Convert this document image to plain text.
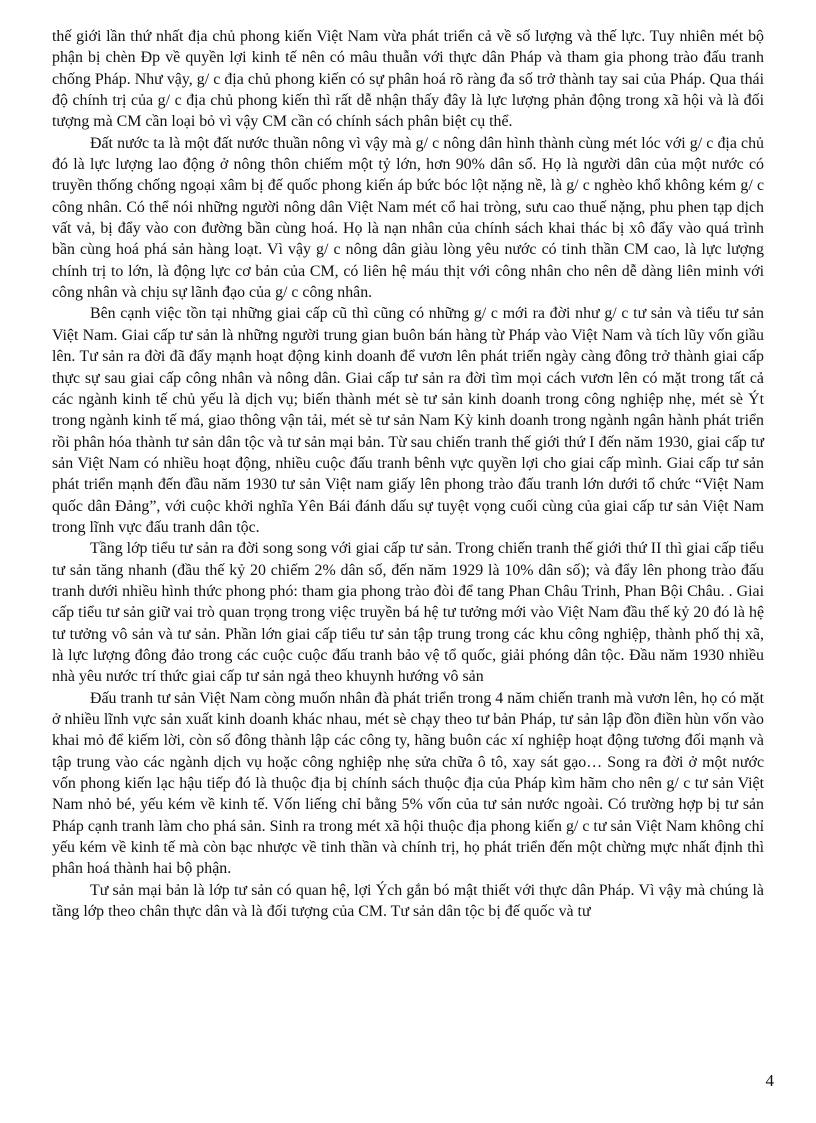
thế giới lần thứ nhất địa chủ phong kiến Việt Nam vừa phát triển cả về số lượng và thế lực. Tuy nhiên mét bộ phận bị chèn Đp về quyền lợi kinh tế nên có mâu thuẫn với thực dân Pháp và tham gia phong trào đấu tranh chống Pháp. Như vậy, g/ c địa chủ phong kiến có sự phân hoá rõ ràng đa số trở thành tay sai của Pháp. Qua thái độ chính trị của g/ c địa chủ phong kiến thì rất dễ nhận thấy đây là lực lượng phản động trong xã hội và là đối tượng mà CM cần loại bỏ vì vậy CM cần có chính sách phân biệt cụ thể.

Đất nước ta là một đất nước thuần nông vì vậy mà g/ c nông dân hình thành cùng mét lóc với g/ c địa chủ đó là lực lượng lao động ở nông thôn chiếm một tỷ lớn, hơn 90% dân số. Họ là người dân của một nước có truyền thống chống ngoại xâm bị đế quốc phong kiến áp bức bóc lột nặng nề, là g/ c nghèo khổ không kém g/ c công nhân. Có thể nói những người nông dân Việt Nam mét cổ hai tròng, sưu cao thuế nặng, phu phen tạp dịch vất vả, bị đẩy vào con đường bần cùng hoá. Họ là nạn nhân của chính sách khai thác bị xô đẩy vào quá trình bần cùng hoá phá sản hàng loạt. Vì vậy g/ c nông dân giàu lòng yêu nước có tinh thần CM cao, là lực lượng chính trị to lớn, là động lực cơ bản của CM, có liên hệ máu thịt với công nhân cho nên dễ dàng liên minh với công nhân và chịu sự lãnh đạo của g/ c công nhân.

Bên cạnh việc tồn tại những giai cấp cũ thì cũng có những g/ c mới ra đời như g/ c tư sản và tiểu tư sản Việt Nam. Giai cấp tư sản là những người trung gian buôn bán hàng từ Pháp vào Việt Nam và tích lũy vốn giầu lên. Tư sản ra đời đã đẩy mạnh hoạt động kinh doanh để vươn lên phát triển ngày càng đông trở thành giai cấp thực sự sau giai cấp công nhân và nông dân. Giai cấp tư sản ra đời tìm mọi cách vươn lên có mặt trong tất cả các ngành kinh tế chủ yếu là dịch vụ; biến thành mét sè tư sản kinh doanh trong công nghiệp nhẹ, mét sè Ýt trong ngành kinh tế má, giao thông vận tải, mét sè tư sản Nam Kỳ kinh doanh trong ngành ngân hành phát triển rồi phân hóa thành tư sản dân tộc và tư sản mại bản. Từ sau chiến tranh thế giới thứ I đến năm 1930, giai cấp tư sản Việt Nam có nhiều hoạt động, nhiều cuộc đấu tranh bênh vực quyền lợi cho giai cấp mình. Giai cấp tư sản phát triển mạnh đến đầu năm 1930 tư sản Việt nam giấy lên phong trào đấu tranh lớn dưới tổ chức “Việt Nam quốc dân Đảng”, với cuộc khởi nghĩa Yên Bái đánh dấu sự tuyệt vọng cuối cùng của giai cấp tư sản Việt Nam trong lĩnh vực đấu tranh dân tộc.

Tầng lớp tiểu tư sản ra đời song song với giai cấp tư sản. Trong chiến tranh thế giới thứ II thì giai cấp tiểu tư sản tăng nhanh (đầu thế kỷ 20 chiếm 2% dân số, đến năm 1929 là 10% dân số); và đẩy lên phong trào đấu tranh dưới nhiều hình thức phong phó: tham gia phong trào đòi để tang Phan Châu Trinh, Phan Bội Châu. . Giai cấp tiểu tư sản giữ vai trò quan trọng trong việc truyền bá hệ tư tưởng mới vào Việt Nam đầu thế kỷ 20 đó là hệ tư tưởng vô sản và tư sản. Phần lớn giai cấp tiểu tư sản tập trung trong các khu công nghiệp, thành phố thị xã, là lực lượng đông đảo trong các cuộc cuộc đấu tranh bảo vệ tổ quốc, giải phóng dân tộc. Đầu năm 1930 nhiều nhà yêu nước trí thức giai cấp tư sản ngả theo khuynh hướng vô sản

Đấu tranh tư sản Việt Nam còng muốn nhân đà phát triển trong 4 năm chiến tranh mà vươn lên, họ có mặt ở nhiều lĩnh vực sản xuất kinh doanh khác nhau, mét sè chạy theo tư bản Pháp, tư sản lập đồn điền hùn vốn vào khai mỏ để kiếm lời, còn số đông thành lập các công ty, hãng buôn các xí nghiệp hoạt động tương đối mạnh và tập trung vào các ngành dịch vụ hoặc công nghiệp nhẹ sửa chữa ô tô, xay sát gạo… Song ra đời ở một nước vốn phong kiến lạc hậu tiếp đó là thuộc địa bị chính sách thuộc địa của Pháp kìm hãm cho nên g/ c tư sản Việt Nam nhỏ bé, yếu kém về kinh tế. Vốn liếng chỉ bằng 5% vốn của tư sản nước ngoài. Có trường hợp bị tư sản Pháp cạnh tranh làm cho phá sản. Sinh ra trong mét xã hội thuộc địa phong kiến g/ c tư sản Việt Nam không chỉ yếu kém về kinh tế mà còn bạc nhược về tinh thần và chính trị, họ phát triển đến một chừng mực nhất định thì phân hoá thành hai bộ phận.

Tư sản mại bản là lớp tư sản có quan hệ, lợi Ých gắn bó mật thiết với thực dân Pháp. Vì vậy mà chúng là tầng lớp theo chân thực dân và là đối tượng của CM. Tư sản dân tộc bị đế quốc và tư

4
